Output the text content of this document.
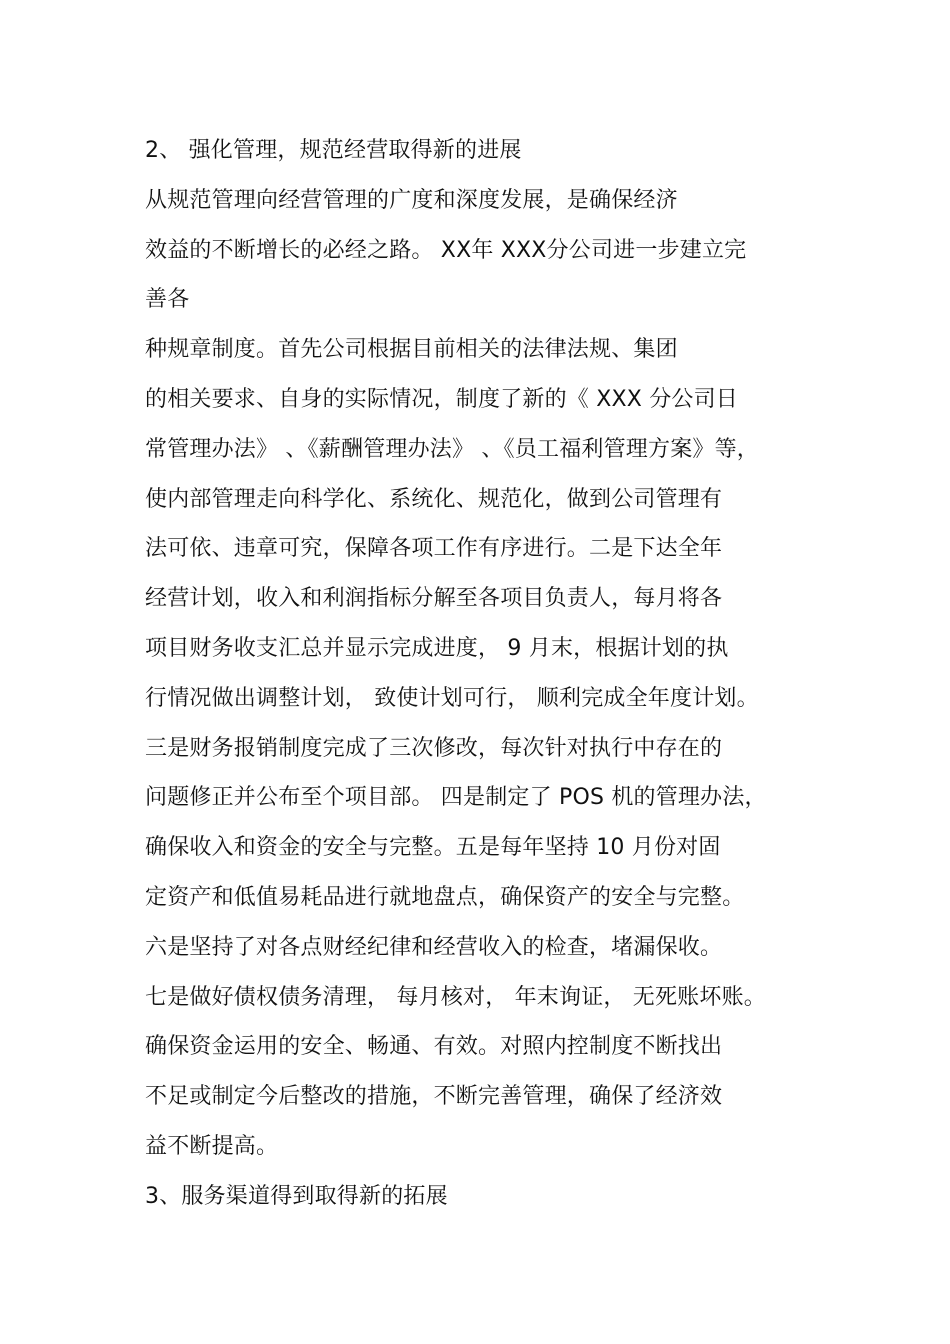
2、 强化管理，规范经营取得新的进展
从规范管理向经营管理的广度和深度发展，是确保经济
效益的不断增长的必经之路。 XX年 XXX分公司进一步建立完
善各
种规章制度。首先公司根据目前相关的法律法规、集团
的相关要求、自身的实际情况，制度了新的《 XXX 分公司日
常管理办法》 、《薪酬管理办法》 、《员工福利管理方案》等，
使内部管理走向科学化、系统化、规范化，做到公司管理有
法可依、违章可究，保障各项工作有序进行。二是下达全年
经营计划，收入和利润指标分解至各项目负责人，每月将各
项目财务收支汇总并显示完成进度， 9 月末，根据计划的执
行情况做出调整计划， 致使计划可行， 顺利完成全年度计划。
三是财务报销制度完成了三次修改，每次针对执行中存在的
问题修正并公布至个项目部。 四是制定了 POS 机的管理办法，
确保收入和资金的安全与完整。五是每年坚持 10 月份对固
定资产和低值易耗品进行就地盘点，确保资产的安全与完整。
六是坚持了对各点财经纪律和经营收入的检查，堵漏保收。
七是做好债权债务清理， 每月核对， 年末询证， 无死账坏账。
确保资金运用的安全、畅通、有效。对照内控制度不断找出
不足或制定今后整改的措施，不断完善管理，确保了经济效
益不断提高。
3、服务渠道得到取得新的拓展
